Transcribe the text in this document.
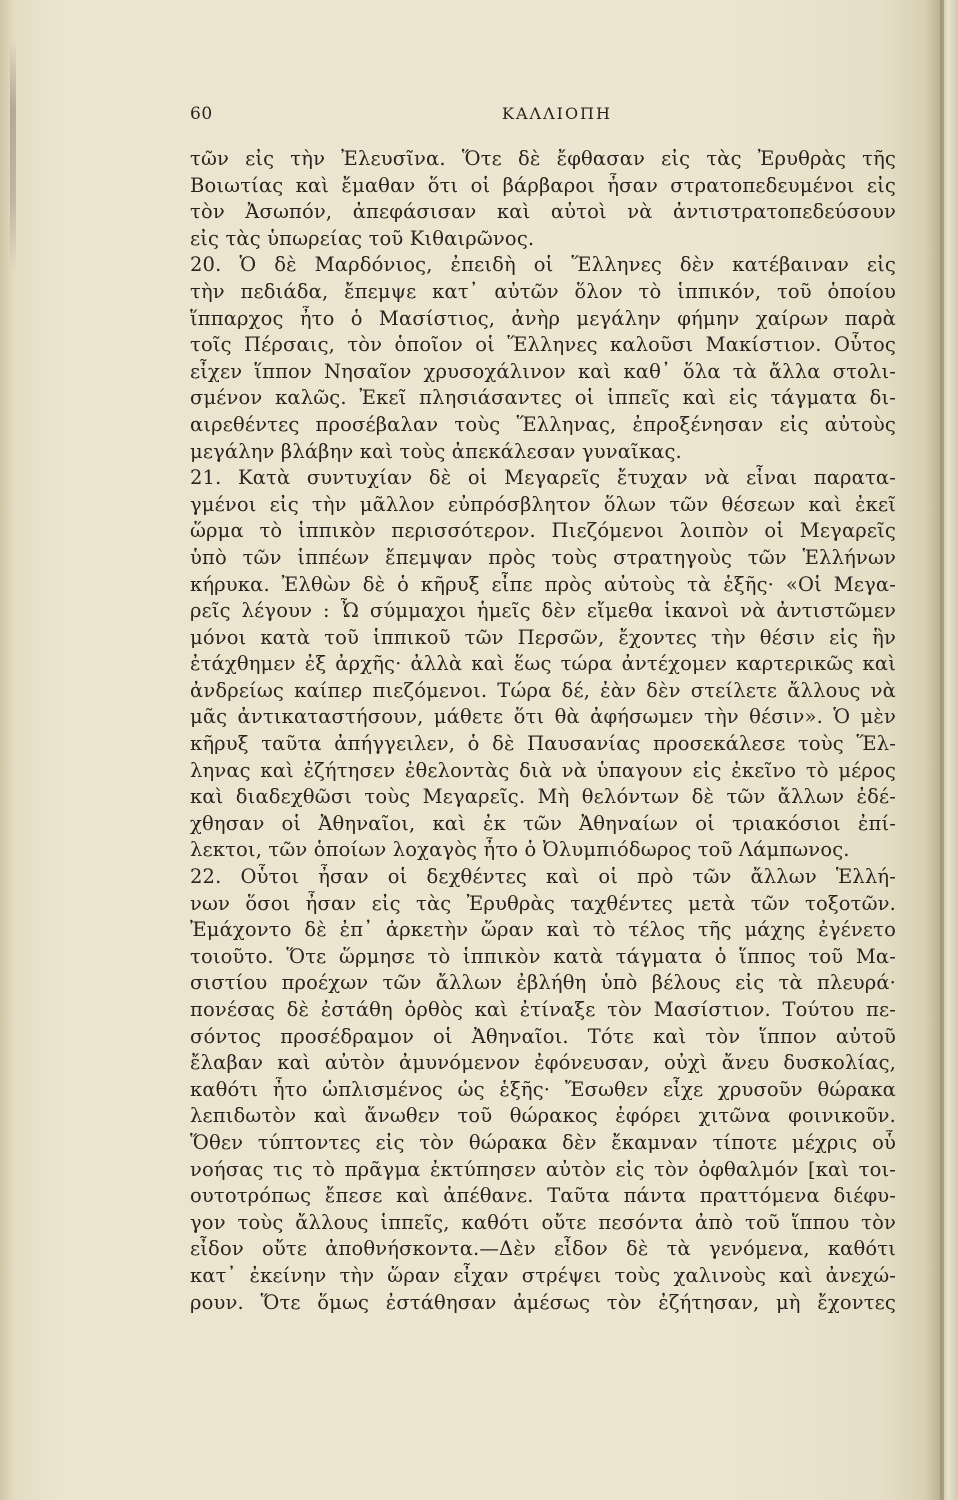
60	ΚΑΛΛΙΟΠΗ
τῶν εἰς τὴν Ἐλευσῖνα. Ὅτε δὲ ἔφθασαν εἰς τὰς Ἐρυθρὰς τῆς
Βοιωτίας καὶ ἔμαθαν ὅτι οἱ βάρβαροι ἦσαν στρατοπεδευμένοι εἰς
τὸν Ἀσωπόν, ἀπεφάσισαν καὶ αὐτοὶ νὰ ἀντιστρατοπεδεύσουν
εἰς τὰς ὑπωρείας τοῦ Κιθαιρῶνος.
20. Ὁ δὲ Μαρδόνιος, ἐπειδὴ οἱ Ἕλληνες δὲν κατέβαιναν εἰς
τὴν πεδιάδα, ἔπεμψε κατ᾽ αὐτῶν ὅλον τὸ ἱππικόν, τοῦ ὁποίου
ἵππαρχος ἦτο ὁ Μασίστιος, ἀνὴρ μεγάλην φήμην χαίρων παρὰ
τοῖς Πέρσαις, τὸν ὁποῖον οἱ Ἕλληνες καλοῦσι Μακίστιον. Οὗτος
εἶχεν ἵππον Νησαῖον χρυσοχάλινον καὶ καθ᾽ ὅλα τὰ ἄλλα στολι-
σμένον καλῶς. Ἐκεῖ πλησιάσαντες οἱ ἱππεῖς καὶ εἰς τάγματα δι-
αιρεθέντες προσέβαλαν τοὺς Ἕλληνας, ἐπροξένησαν εἰς αὐτοὺς
μεγάλην βλάβην καὶ τοὺς ἀπεκάλεσαν γυναῖκας.
21. Κατὰ συντυχίαν δὲ οἱ Μεγαρεῖς ἔτυχαν νὰ εἶναι παρατα-
γμένοι εἰς τὴν μᾶλλον εὐπρόσβλητον ὅλων τῶν θέσεων καὶ ἐκεῖ
ὥρμα τὸ ἱππικὸν περισσότερον. Πιεζόμενοι λοιπὸν οἱ Μεγαρεῖς
ὑπὸ τῶν ἱππέων ἔπεμψαν πρὸς τοὺς στρατηγοὺς τῶν Ἑλλήνων
κήρυκα. Ἐλθὼν δὲ ὁ κῆρυξ εἶπε πρὸς αὐτοὺς τὰ ἑξῆς· «Οἱ Μεγα-
ρεῖς λέγουν : Ὦ σύμμαχοι ἡμεῖς δὲν εἴμεθα ἱκανοὶ νὰ ἀντιστῶμεν
μόνοι κατὰ τοῦ ἱππικοῦ τῶν Περσῶν, ἔχοντες τὴν θέσιν εἰς ἣν
ἐτάχθημεν ἐξ ἀρχῆς· ἀλλὰ καὶ ἕως τώρα ἀντέχομεν καρτερικῶς καὶ
ἀνδρείως καίπερ πιεζόμενοι. Τώρα δέ, ἐὰν δὲν στείλετε ἄλλους νὰ
μᾶς ἀντικαταστήσουν, μάθετε ὅτι θὰ ἀφήσωμεν τὴν θέσιν». Ὁ μὲν
κῆρυξ ταῦτα ἀπήγγειλεν, ὁ δὲ Παυσανίας προσεκάλεσε τοὺς Ἕλ-
ληνας καὶ ἐζήτησεν ἐθελοντὰς διὰ νὰ ὑπαγουν εἰς ἐκεῖνο τὸ μέρος
καὶ διαδεχθῶσι τοὺς Μεγαρεῖς. Μὴ θελόντων δὲ τῶν ἄλλων ἐδέ-
χθησαν οἱ Ἀθηναῖοι, καὶ ἐκ τῶν Ἀθηναίων οἱ τριακόσιοι ἐπί-
λεκτοι, τῶν ὁποίων λοχαγὸς ἦτο ὁ Ὀλυμπιόδωρος τοῦ Λάμπωνος.
22. Οὗτοι ἦσαν οἱ δεχθέντες καὶ οἱ πρὸ τῶν ἄλλων Ἑλλή-
νων ὅσοι ἦσαν εἰς τὰς Ἐρυθρὰς ταχθέντες μετὰ τῶν τοξοτῶν.
Ἐμάχοντο δὲ ἐπ᾽ ἀρκετὴν ὥραν καὶ τὸ τέλος τῆς μάχης ἐγένετο
τοιοῦτο. Ὅτε ὥρμησε τὸ ἱππικὸν κατὰ τάγματα ὁ ἵππος τοῦ Μα-
σιστίου προέχων τῶν ἄλλων ἐβλήθη ὑπὸ βέλους εἰς τὰ πλευρά·
πονέσας δὲ ἐστάθη ὀρθὸς καὶ ἐτίναξε τὸν Μασίστιον. Τούτου πε-
σόντος προσέδραμον οἱ Ἀθηναῖοι. Τότε καὶ τὸν ἵππον αὐτοῦ
ἔλαβαν καὶ αὐτὸν ἀμυνόμενον ἐφόνευσαν, οὐχὶ ἄνευ δυσκολίας,
καθότι ἦτο ὡπλισμένος ὡς ἑξῆς· Ἔσωθεν εἶχε χρυσοῦν θώρακα
λεπιδωτὸν καὶ ἄνωθεν τοῦ θώρακος ἐφόρει χιτῶνα φοινικοῦν.
Ὅθεν τύπτοντες εἰς τὸν θώρακα δὲν ἔκαμναν τίποτε μέχρις οὗ
νοήσας τις τὸ πρᾶγμα ἐκτύπησεν αὐτὸν εἰς τὸν ὀφθαλμόν [καὶ τοι-
ουτοτρόπως ἔπεσε καὶ ἀπέθανε. Ταῦτα πάντα πραττόμενα διέφυ-
γον τοὺς ἄλλους ἱππεῖς, καθότι οὔτε πεσόντα ἀπὸ τοῦ ἵππου τὸν
εἶδον οὔτε ἀποθνήσκοντα.—Δὲν εἶδον δὲ τὰ γενόμενα, καθότι
κατ᾽ ἐκείνην τὴν ὥραν εἶχαν στρέψει τοὺς χαλινοὺς καὶ ἀνεχώ-
ρουν. Ὅτε ὅμως ἐστάθησαν ἀμέσως τὸν ἐζήτησαν, μὴ ἔχοντες
